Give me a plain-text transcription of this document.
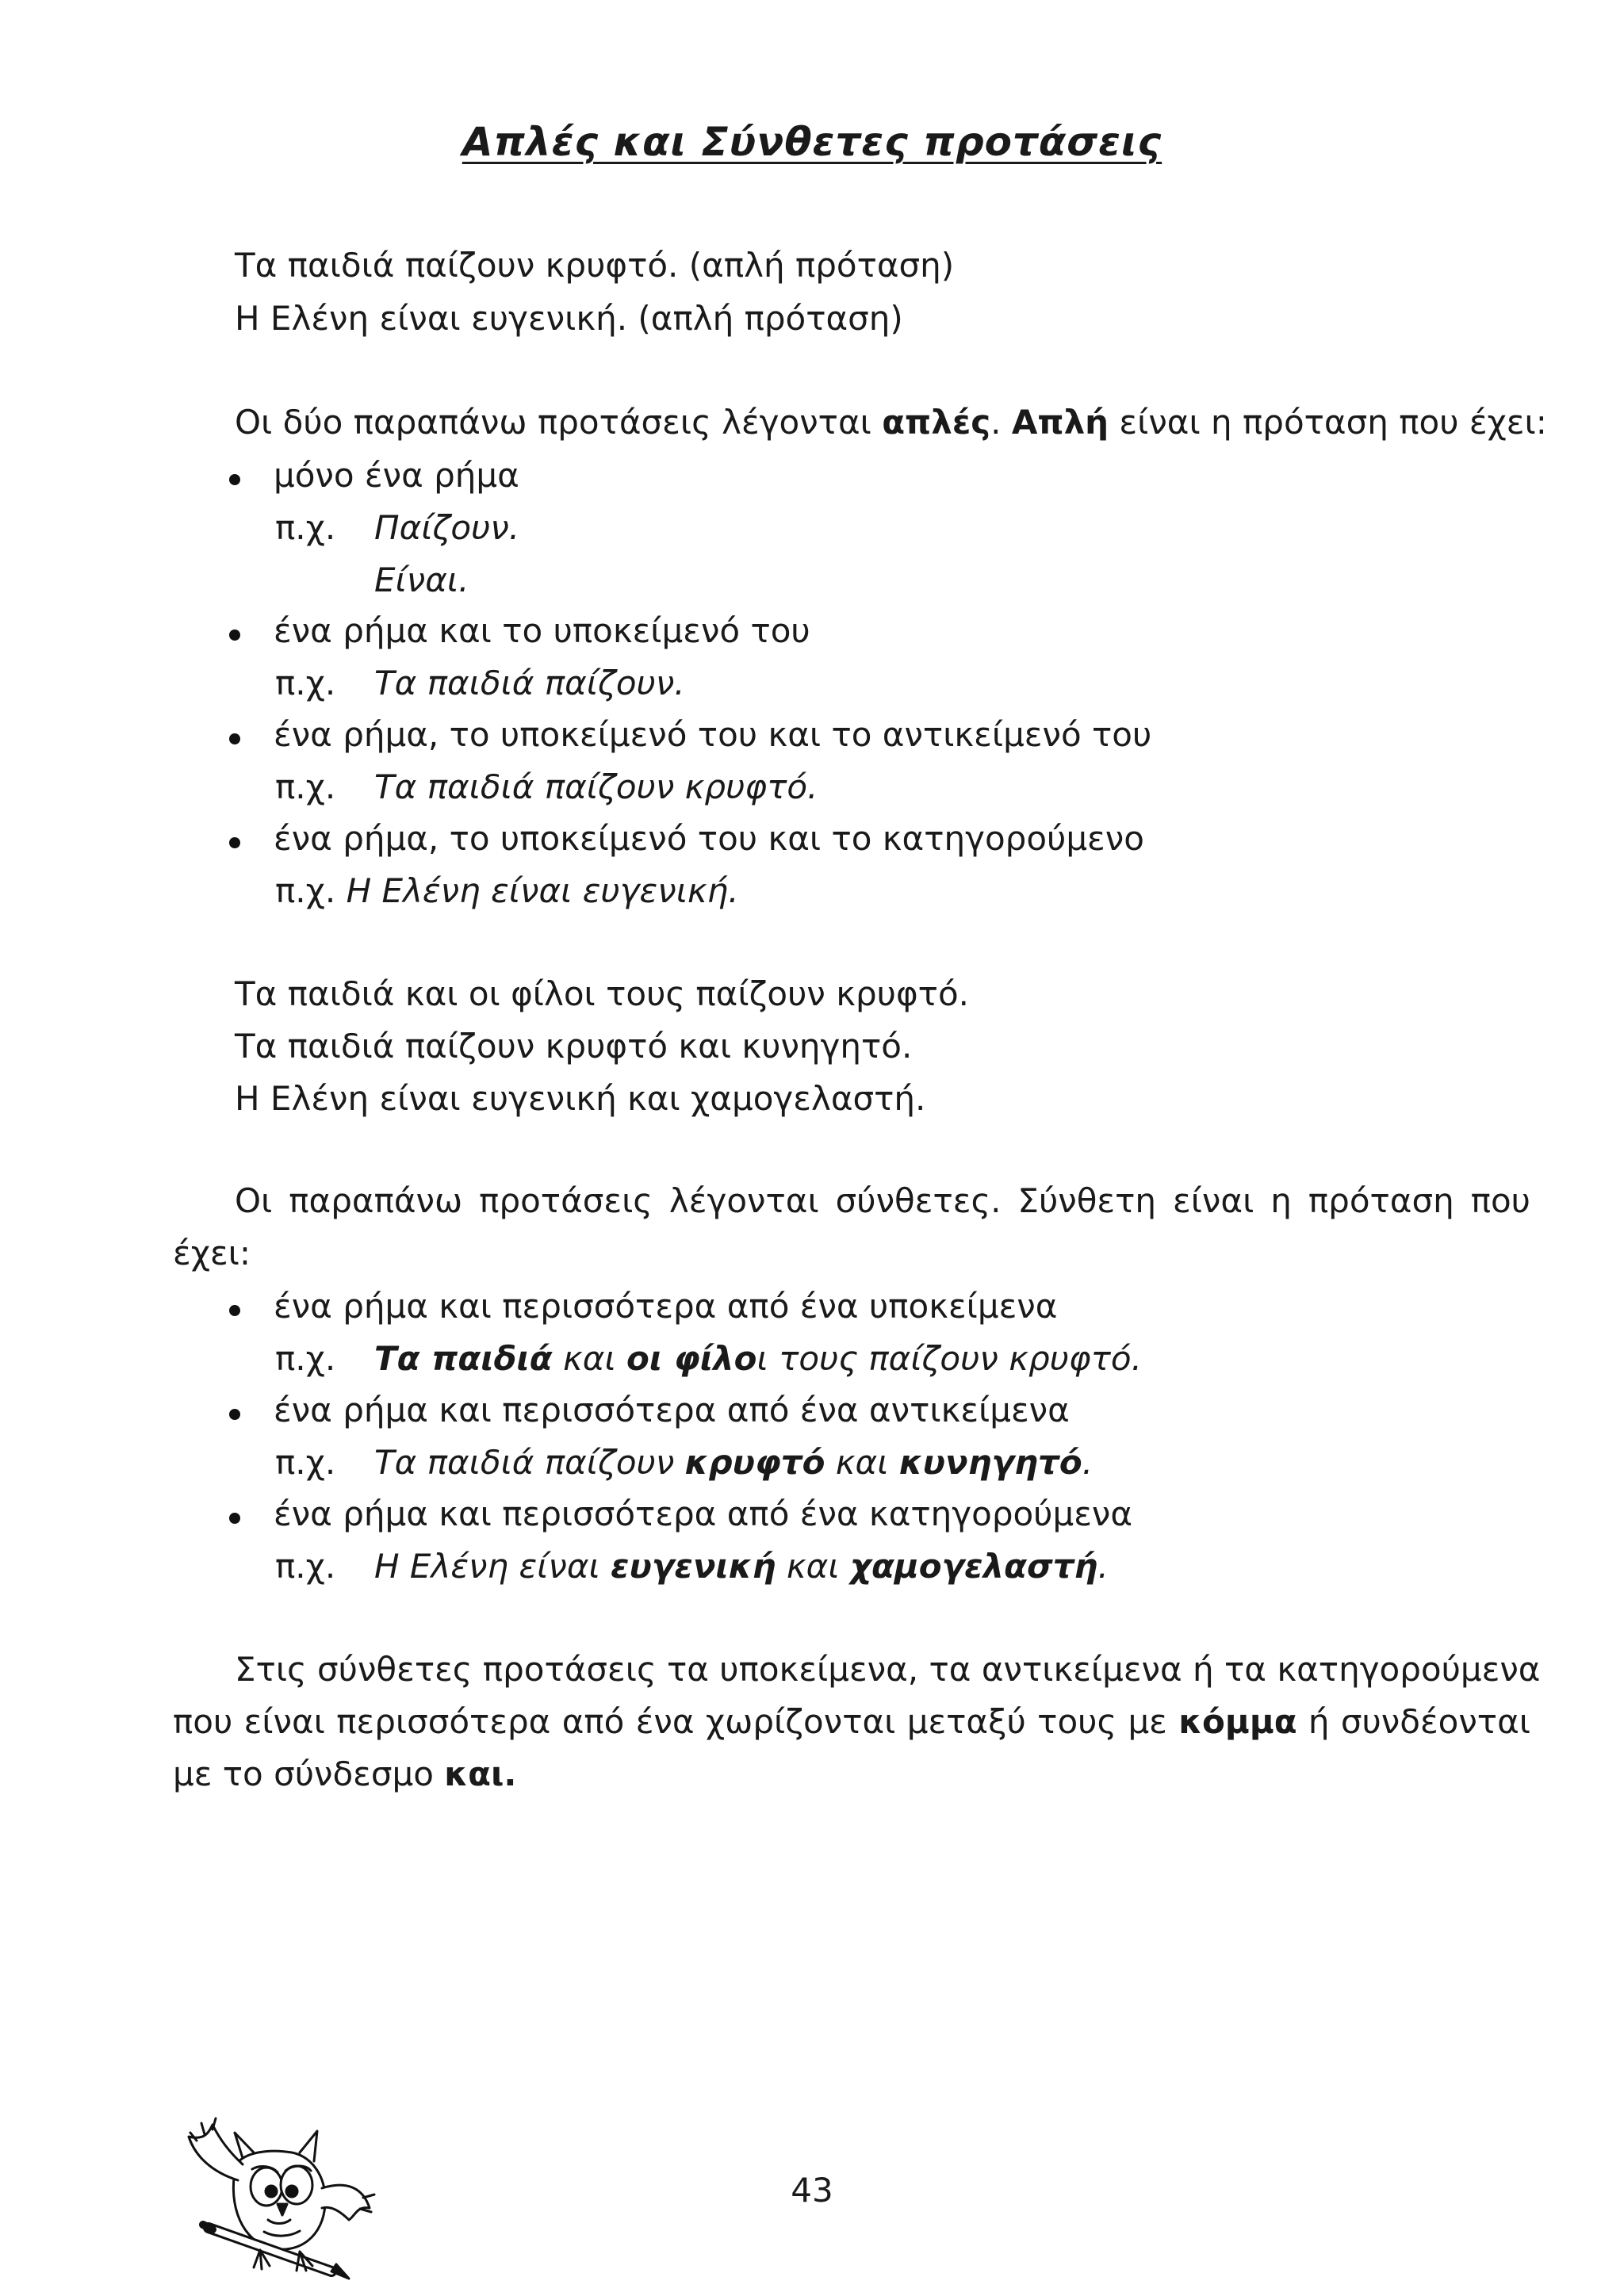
Απλές και Σύνθετες προτάσεις
Τα παιδιά παίζουν κρυφτό. (απλή πρόταση)
Η Ελένη είναι ευγενική. (απλή πρόταση)
Οι δύο παραπάνω προτάσεις λέγονται απλές. Απλή είναι η πρόταση που έχει:
μόνο ένα ρήμα
π.χ. Παίζουν.
Είναι.
ένα ρήμα και το υποκείμενό του
π.χ. Τα παιδιά παίζουν.
ένα ρήμα, το υποκείμενό του και το αντικείμενό του
π.χ. Τα παιδιά παίζουν κρυφτό.
ένα ρήμα, το υποκείμενό του και το κατηγορούμενο
π.χ. Η Ελένη είναι ευγενική.
Τα παιδιά και οι φίλοι τους παίζουν κρυφτό.
Τα παιδιά παίζουν κρυφτό και κυνηγητό.
Η Ελένη είναι ευγενική και χαμογελαστή.
Οι παραπάνω προτάσεις λέγονται σύνθετες. Σύνθετη είναι η πρόταση που
έχει:
ένα ρήμα και περισσότερα από ένα υποκείμενα
π.χ. Τα παιδιά και οι φίλοι τους παίζουν κρυφτό.
ένα ρήμα και περισσότερα από ένα αντικείμενα
π.χ. Τα παιδιά παίζουν κρυφτό και κυνηγητό.
ένα ρήμα και περισσότερα από ένα κατηγορούμενα
π.χ. Η Ελένη είναι ευγενική και χαμογελαστή.
Στις σύνθετες προτάσεις τα υποκείμενα, τα αντικείμενα ή τα κατηγορούμενα
που είναι περισσότερα από ένα χωρίζονται μεταξύ τους με κόμμα ή συνδέονται
με το σύνδεσμο και.
43
